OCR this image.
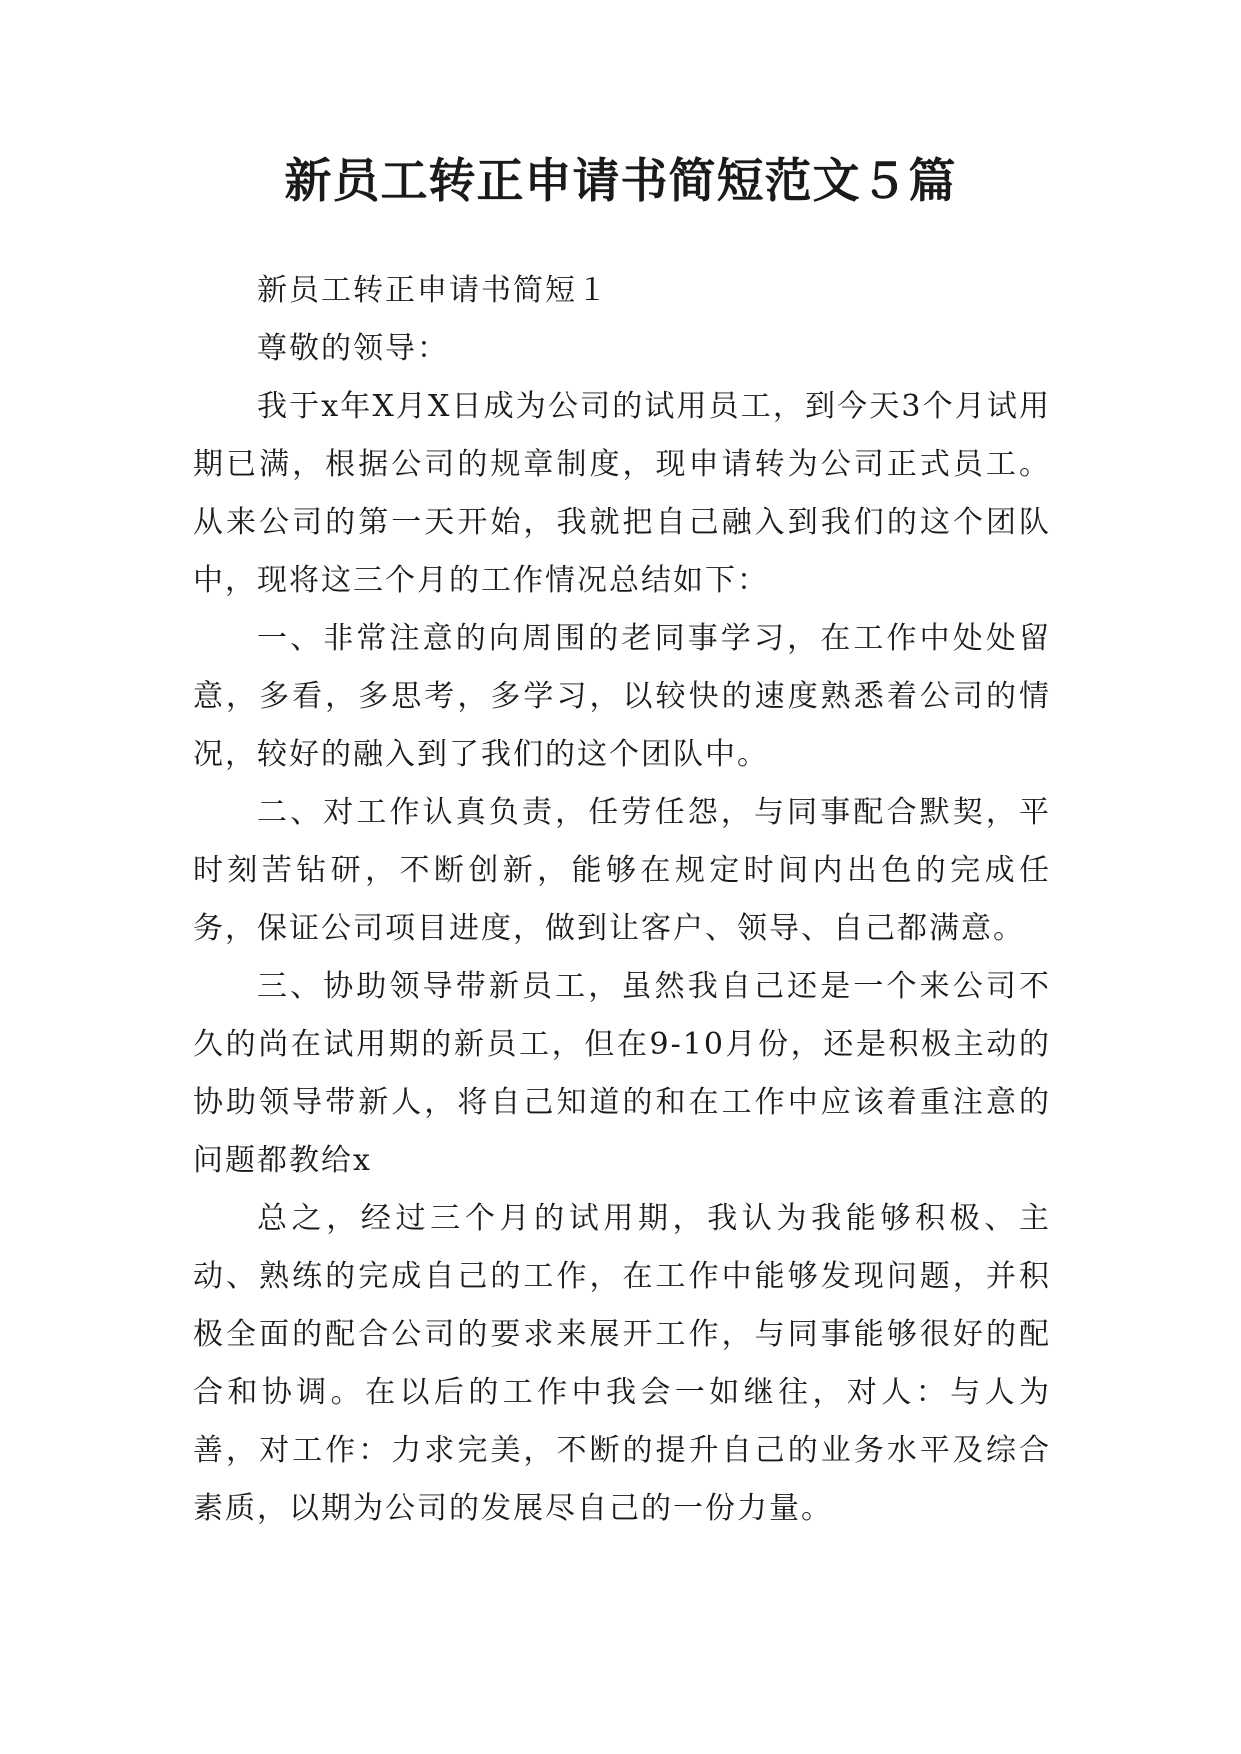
新员工转正申请书简短范文５篇

新员工转正申请书简短１

尊敬的领导：

我于x年X月X日成为公司的试用员工，到今天3个月试用期已满，根据公司的规章制度，现申请转为公司正式员工。从来公司的第一天开始，我就把自己融入到我们的这个团队中，现将这三个月的工作情况总结如下：

一、非常注意的向周围的老同事学习，在工作中处处留意，多看，多思考，多学习，以较快的速度熟悉着公司的情况，较好的融入到了我们的这个团队中。

二、对工作认真负责，任劳任怨，与同事配合默契，平时刻苦钻研，不断创新，能够在规定时间内出色的完成任务，保证公司项目进度，做到让客户、领导、自己都满意。

三、协助领导带新员工，虽然我自己还是一个来公司不久的尚在试用期的新员工，但在9-10月份，还是积极主动的协助领导带新人，将自己知道的和在工作中应该着重注意的问题都教给x

总之，经过三个月的试用期，我认为我能够积极、主动、熟练的完成自己的工作，在工作中能够发现问题，并积极全面的配合公司的要求来展开工作，与同事能够很好的配合和协调。在以后的工作中我会一如继往，对人：与人为善，对工作：力求完美，不断的提升自己的业务水平及综合素质，以期为公司的发展尽自己的一份力量。
